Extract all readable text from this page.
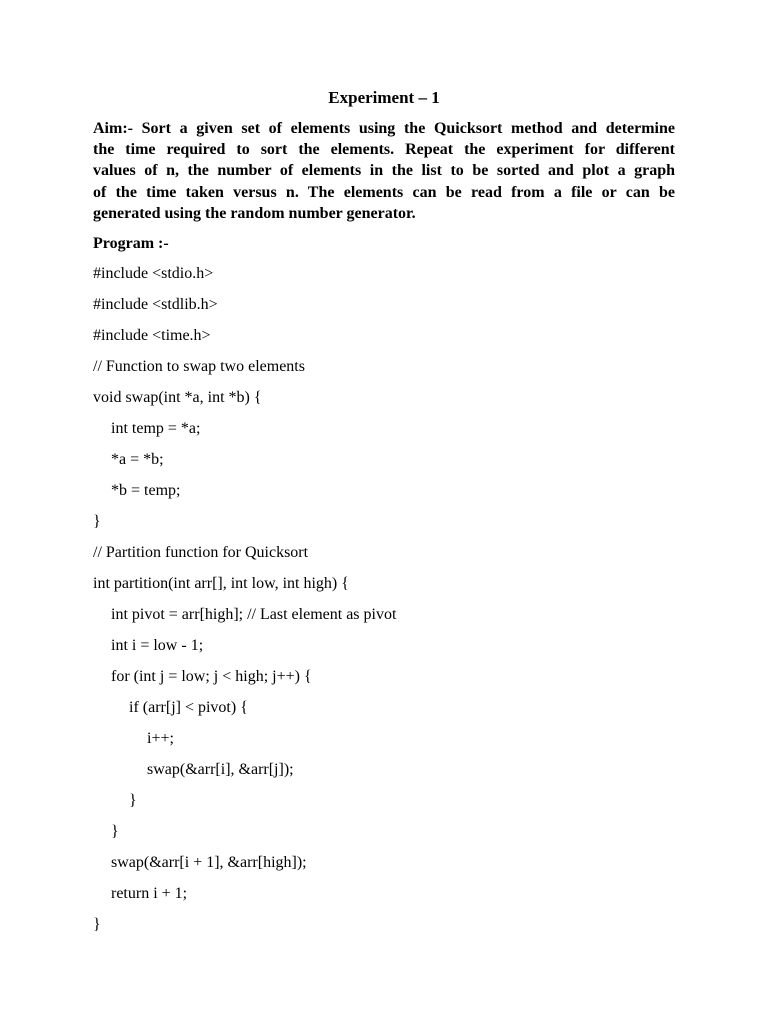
Experiment – 1
Aim:- Sort a given set of elements using the Quicksort method and determine
the time required to sort the elements. Repeat the experiment for different
values of n, the number of elements in the list to be sorted and plot a graph
of the time taken versus n. The elements can be read from a file or can be
generated using the random number generator.
Program :-
#include <stdio.h>
#include <stdlib.h>
#include <time.h>
// Function to swap two elements
void swap(int *a, int *b) {
int temp = *a;
*a = *b;
*b = temp;
}
// Partition function for Quicksort
int partition(int arr[], int low, int high) {
int pivot = arr[high]; // Last element as pivot
int i = low - 1;
for (int j = low; j < high; j++) {
if (arr[j] < pivot) {
i++;
swap(&arr[i], &arr[j]);
}
}
swap(&arr[i + 1], &arr[high]);
return i + 1;
}
